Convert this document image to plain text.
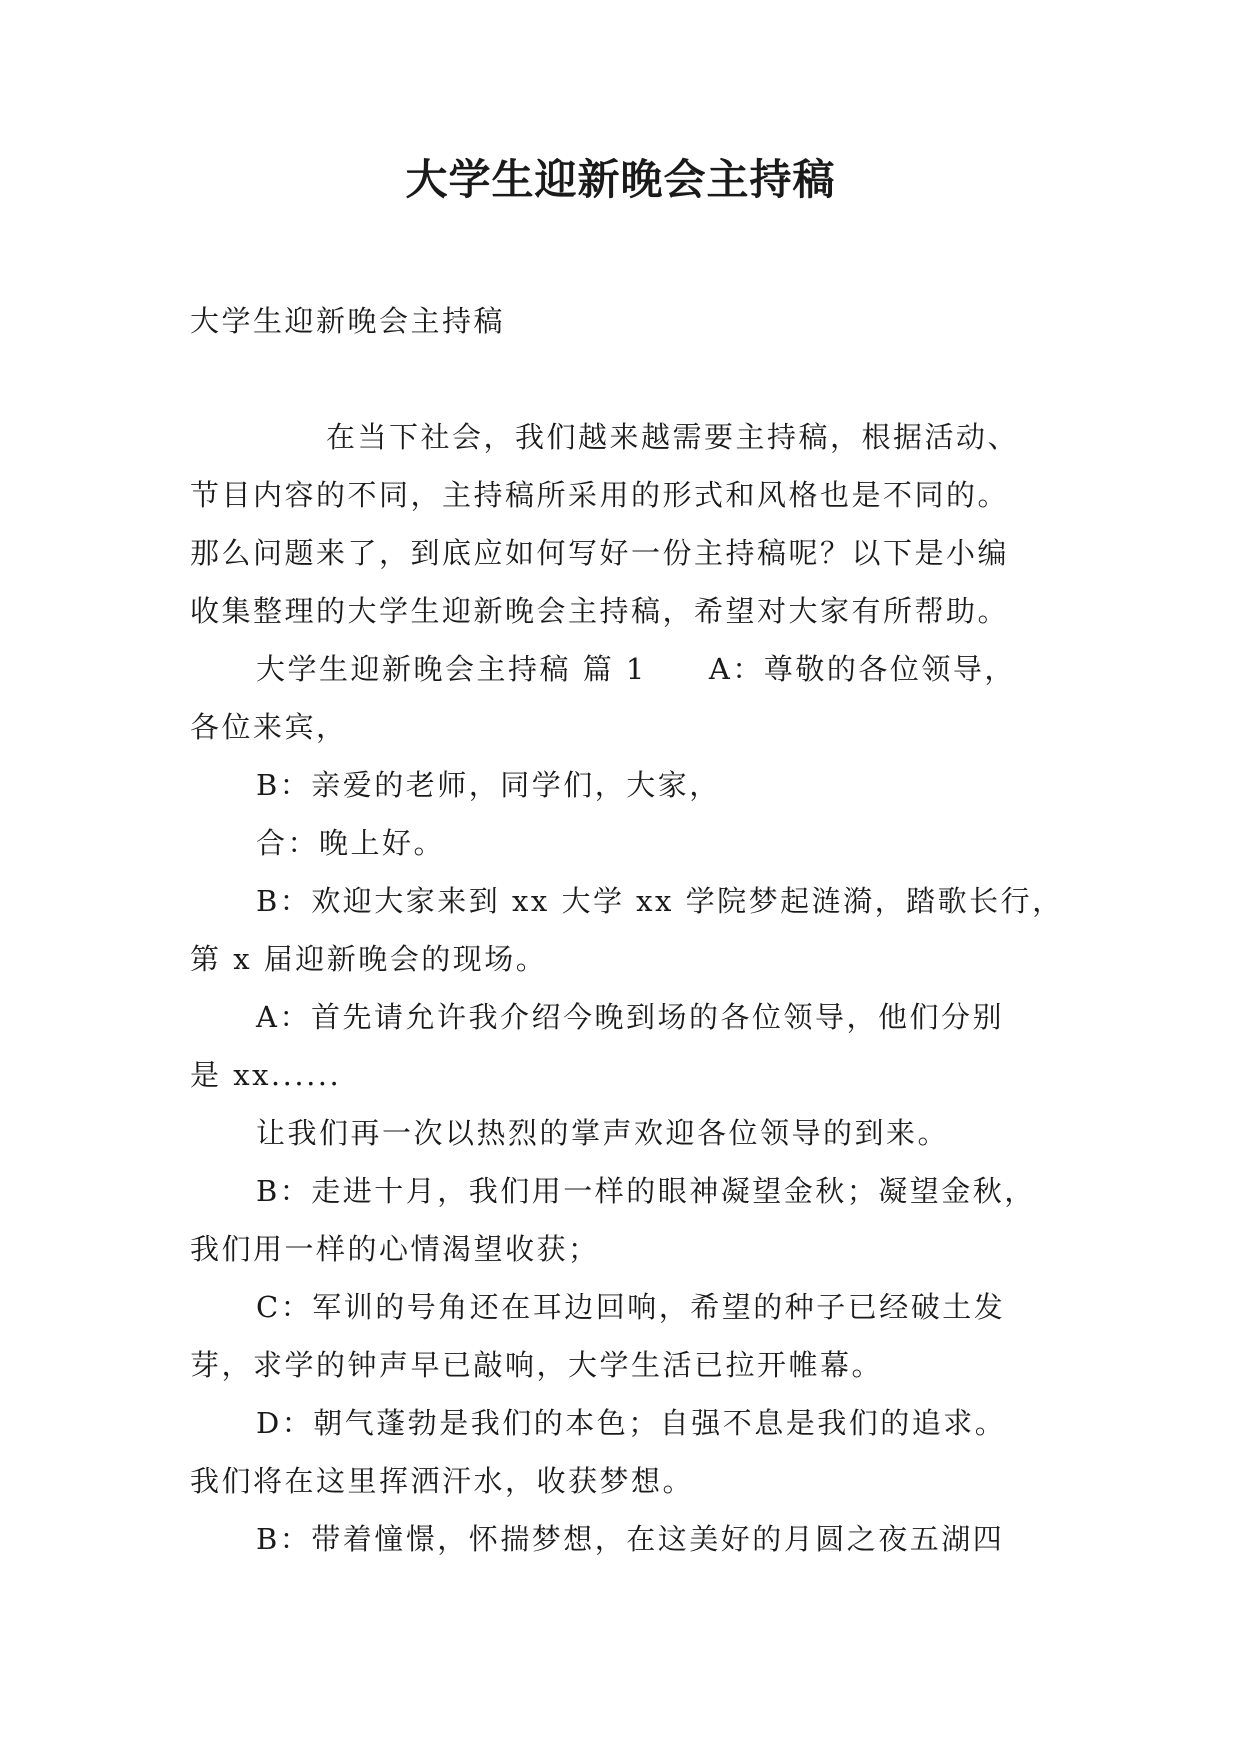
大学生迎新晚会主持稿
大学生迎新晚会主持稿
在当下社会，我们越来越需要主持稿，根据活动、
节目内容的不同，主持稿所采用的形式和风格也是不同的。
那么问题来了，到底应如何写好一份主持稿呢？以下是小编
收集整理的大学生迎新晚会主持稿，希望对大家有所帮助。
大学生迎新晚会主持稿 篇 1 A：尊敬的各位领导，
各位来宾，
B：亲爱的老师，同学们，大家，
合：晚上好。
B：欢迎大家来到 xx 大学 xx 学院梦起涟漪，踏歌长行，
第 x 届迎新晚会的现场。
A：首先请允许我介绍今晚到场的各位领导，他们分别
是 xx......
让我们再一次以热烈的掌声欢迎各位领导的到来。
B：走进十月，我们用一样的眼神凝望金秋；凝望金秋，
我们用一样的心情渴望收获；
C：军训的号角还在耳边回响，希望的种子已经破土发
芽，求学的钟声早已敲响，大学生活已拉开帷幕。
D：朝气蓬勃是我们的本色；自强不息是我们的追求。
我们将在这里挥洒汗水，收获梦想。
B：带着憧憬，怀揣梦想，在这美好的月圆之夜五湖四
